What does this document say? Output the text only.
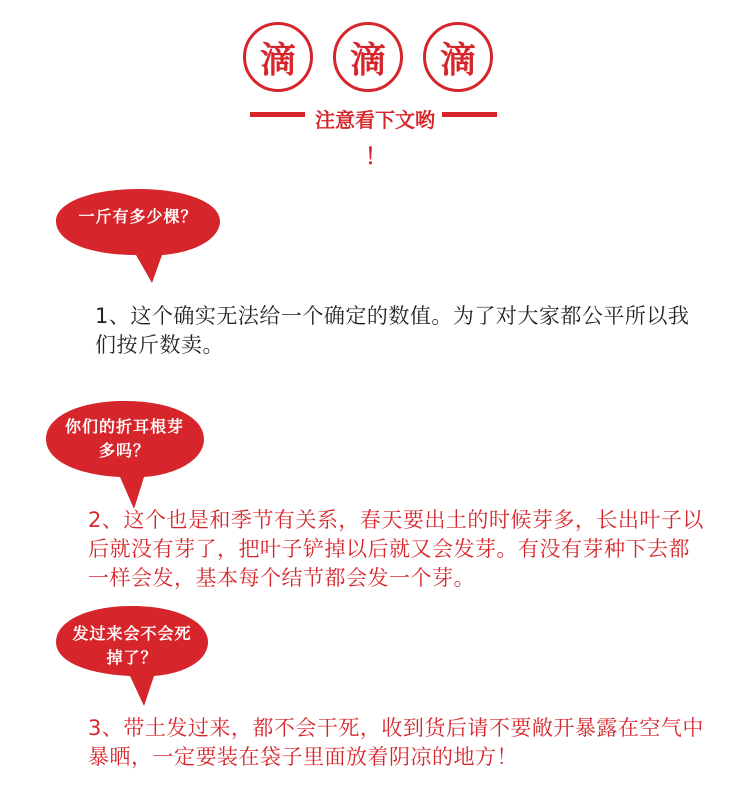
滴	滴	滴
注意看下文哟
！
一斤有多少棵？
1、这个确实无法给一个确定的数值。为了对大家都公平所以我们按斤数卖。
你们的折耳根芽多吗？
2、这个也是和季节有关系，春天要出土的时候芽多，长出叶子以后就没有芽了，把叶子铲掉以后就又会发芽。有没有芽种下去都一样会发，基本每个结节都会发一个芽。
发过来会不会死掉了？
3、带土发过来，都不会干死，收到货后请不要敞开暴露在空气中暴晒，一定要装在袋子里面放着阴凉的地方！
